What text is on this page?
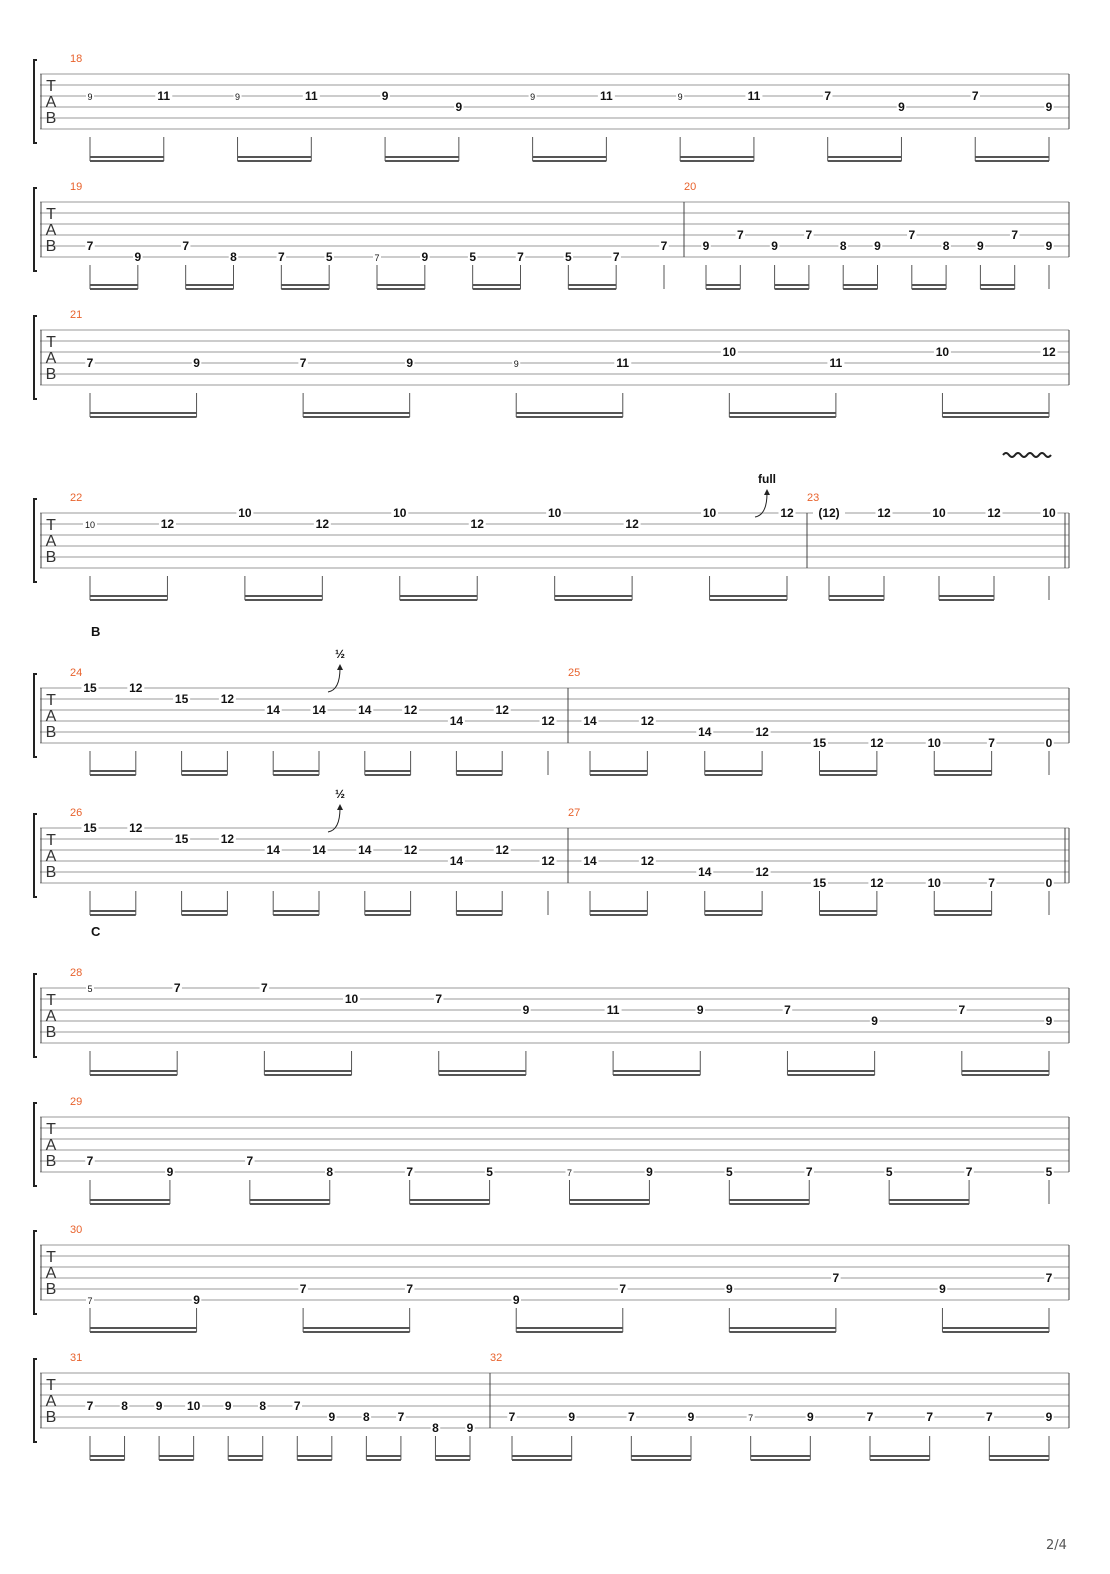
T
A
B
18
9	11	9	11	9
9
9	11	9	11	7
9
7
9
T
A
B
19
7
9
7
8	7	5	7	9	5	7	5	7
7
20
9
7
9
7
8 9
7
8 9
7
9
T
A
B
21
7	9	7	9	9	11
10
11
10	12
T
A
B
22
10	12
10
12
10
12
10
12
10	12
23
(12)	12	10	12	10
full
T
A
B
B
24
15	12
15	12
14	14	14	12
14
12
12
25
14	12
14	12
15	12	10	7	0
½
T
A
B
26
15	12
15	12
14	14	14	12
14
12
12
27
14	12
14	12
15	12	10	7	0
½
T
A
B
C
28
5	7	7
10	7
9	11	9	7
9
7
9
T
A
B
29
7
9
7
8	7	5	7	9	5	7	5	7	5
T
A
B
30
7	9
7	7
9
7	9
7
9
7
T
A
B
31
7 8 9 10 9 8 7
9 8 7
8 9
32
7	9	7	9	7	9	7	7	7	9
2/4
